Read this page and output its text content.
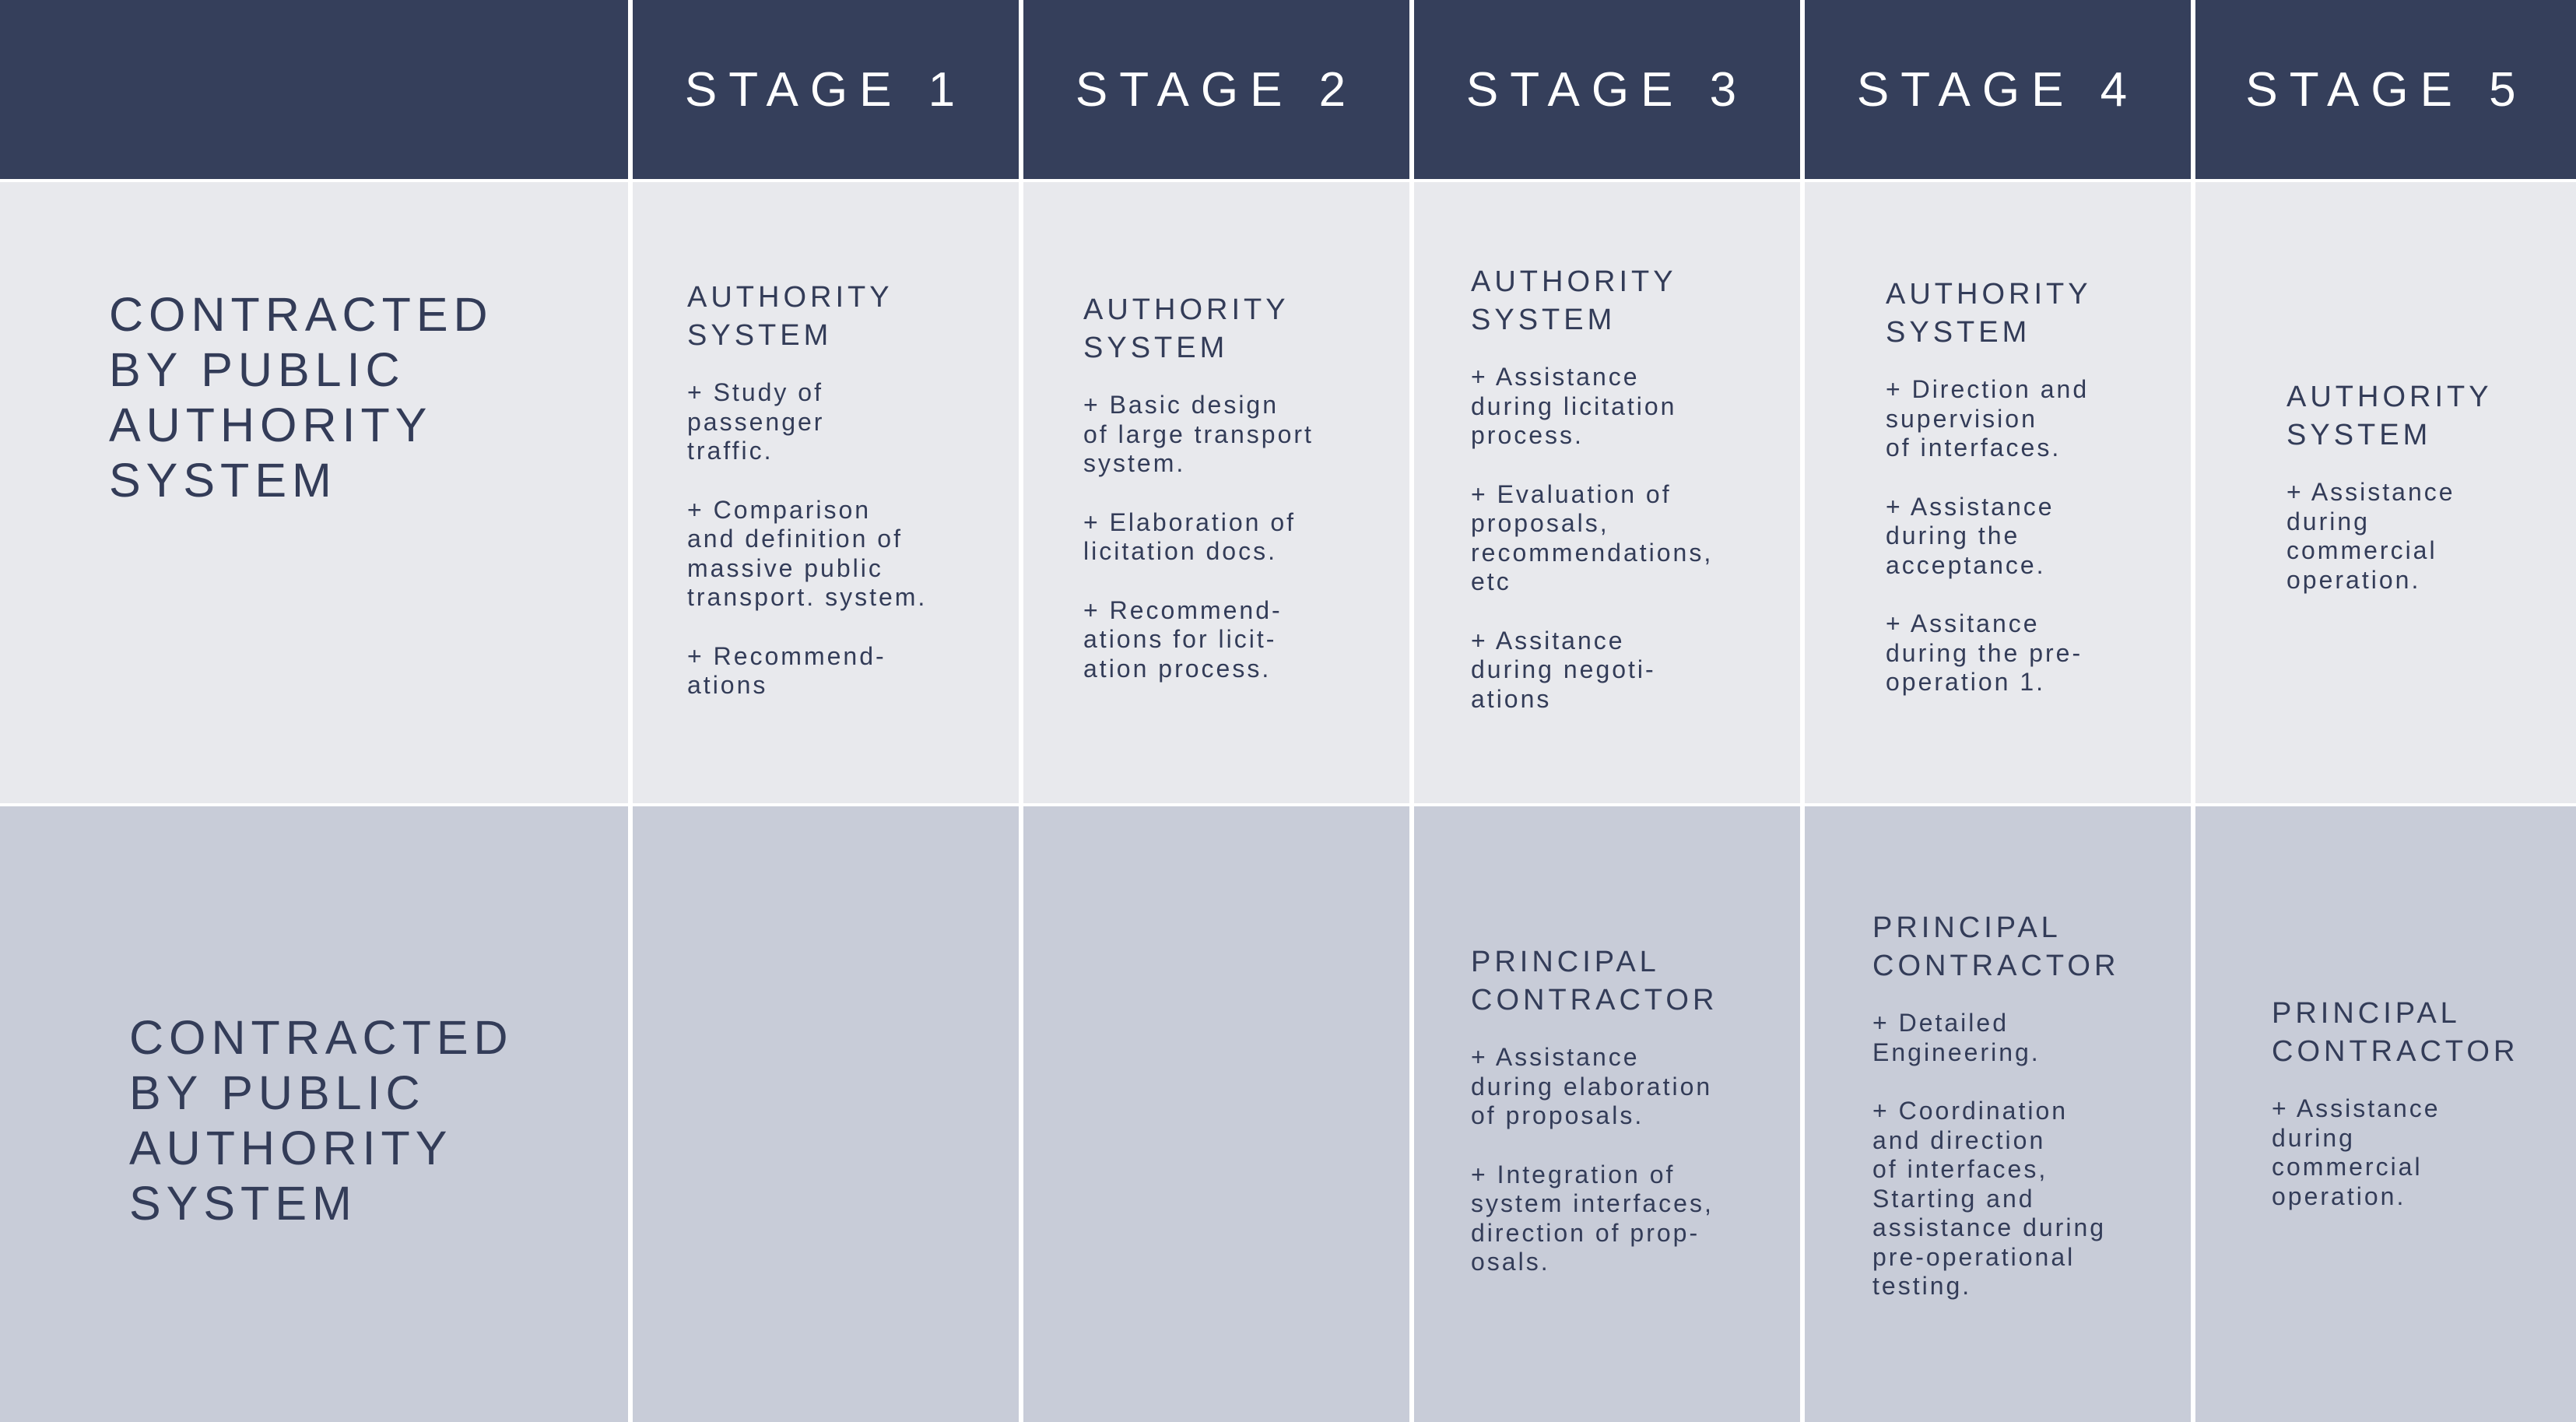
STAGE 1 STAGE 2 STAGE 3 STAGE 4 STAGE 5
CONTRACTED
BY PUBLIC
AUTHORITY
SYSTEM
AUTHORITY
SYSTEM
+ Study of
passenger
traffic.
+ Comparison
and definition of
massive public
transport. system.
+ Recommend-
ations
AUTHORITY
SYSTEM
+ Basic design
of large transport
system.
+ Elaboration of
licitation docs.
+ Recommend-
ations for licit-
ation process.
AUTHORITY
SYSTEM
+ Assistance
during licitation
process.
+ Evaluation of
proposals,
recommendations,
etc
+ Assitance
during negoti-
ations
AUTHORITY
SYSTEM
+ Direction and
supervision
of interfaces.
+ Assistance
during the
acceptance.
+ Assitance
during the pre-
operation 1.
AUTHORITY
SYSTEM
+ Assistance
during
commercial
operation.
CONTRACTED
BY PUBLIC
AUTHORITY
SYSTEM
PRINCIPAL
CONTRACTOR
+ Assistance
during elaboration
of proposals.
+ Integration of
system interfaces,
direction of prop-
osals.
PRINCIPAL
CONTRACTOR
+ Detailed
Engineering.
+ Coordination
and direction
of interfaces,
Starting and
assistance during
pre-operational
testing.
PRINCIPAL
CONTRACTOR
+ Assistance
during
commercial
operation.
